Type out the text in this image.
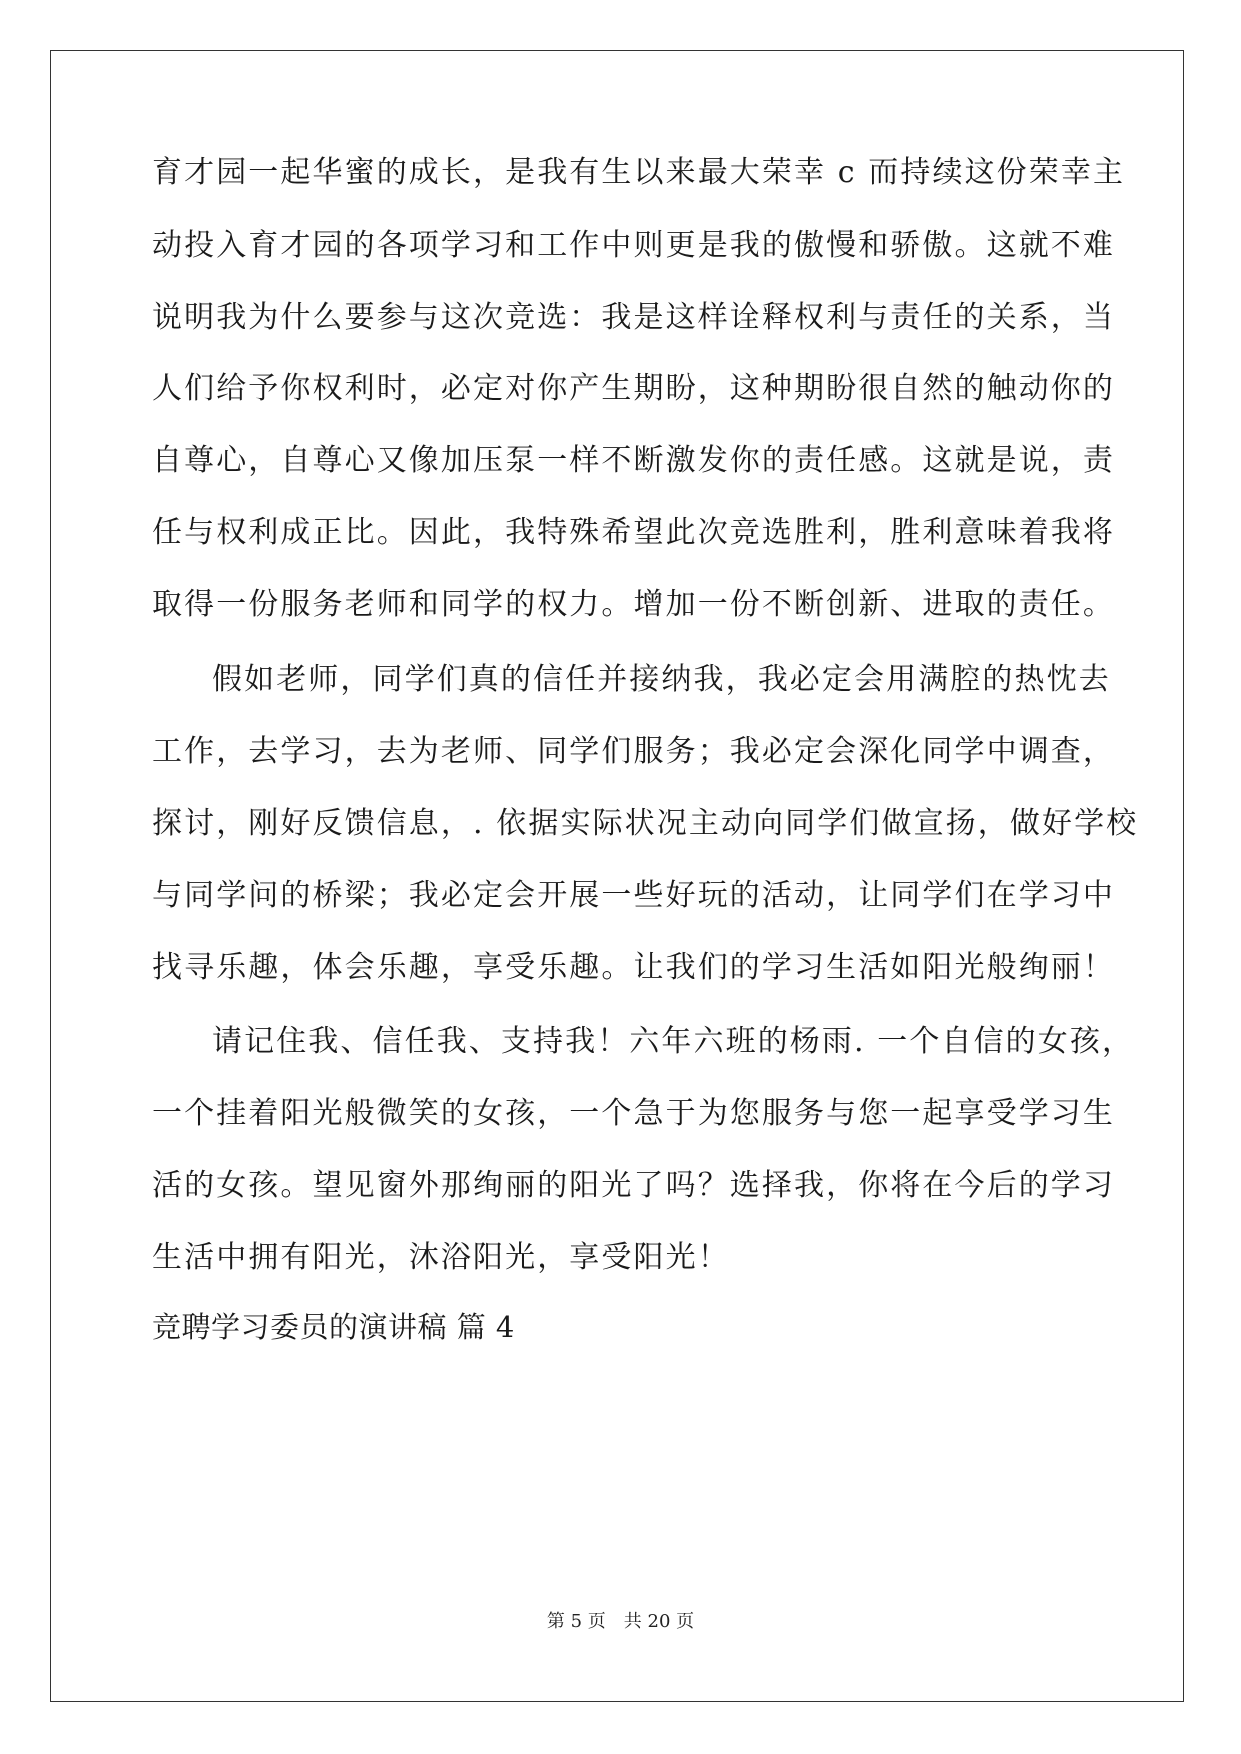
育才园一起华蜜的成长，是我有生以来最大荣幸 c 而持续这份荣幸主
动投入育才园的各项学习和工作中则更是我的傲慢和骄傲。这就不难
说明我为什么要参与这次竞选：我是这样诠释权利与责任的关系，当
人们给予你权利时，必定对你产生期盼，这种期盼很自然的触动你的
自尊心，自尊心又像加压泵一样不断激发你的责任感。这就是说，责
任与权利成正比。因此，我特殊希望此次竞选胜利，胜利意味着我将
取得一份服务老师和同学的权力。增加一份不断创新、进取的责任。
假如老师，同学们真的信任并接纳我，我必定会用满腔的热忱去
工作，去学习，去为老师、同学们服务；我必定会深化同学中调查，
探讨，刚好反馈信息，. 依据实际状况主动向同学们做宣扬，做好学校
与同学问的桥梁；我必定会开展一些好玩的活动，让同学们在学习中
找寻乐趣，体会乐趣，享受乐趣。让我们的学习生活如阳光般绚丽！
请记住我、信任我、支持我！六年六班的杨雨. 一个自信的女孩，
一个挂着阳光般微笑的女孩，一个急于为您服务与您一起享受学习生
活的女孩。望见窗外那绚丽的阳光了吗？选择我，你将在今后的学习
生活中拥有阳光，沐浴阳光，享受阳光！
竞聘学习委员的演讲稿 篇 4
第 5 页　共 20 页
